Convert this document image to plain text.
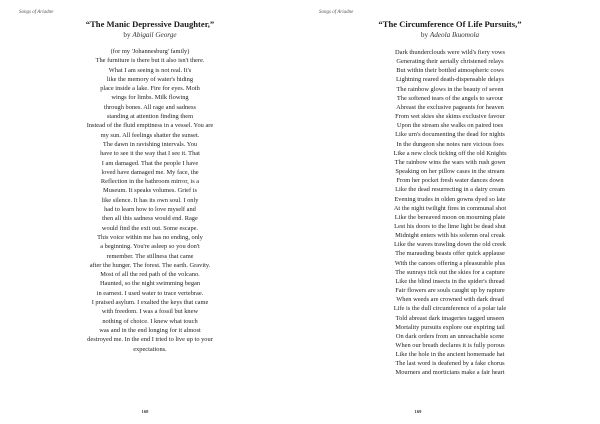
Songs of Ariadne
“The Manic Depressive Daughter,”
by Abigail George
(for my 'Johannesburg' family)
The furniture is there but it also isn't there.
What I am seeing is not real. It's
like the memory of water's hiding
place inside a lake. Fire for eyes. Moth
wings for limbs. Milk flowing
through bones. All rage and sadness
standing at attention finding them
Instead of the fluid emptiness in a vessel. You are
my sun. All feelings shatter the sunset.
The dawn in ravishing intervals. You
have to see it the way that I see it. That
I am damaged. That the people I have
loved have damaged me. My face, the
Reflection in the bathroom mirror, is a
Museum. It speaks volumes. Grief is
like silence. It has its own soul. I only
had to learn how to love myself and
then all this sadness would end. Rage
would find the exit out. Some escape.
This voice within me has no ending, only
a beginning. You're asleep so you don't
remember. The stillness that came
after the hunger. The forest. The earth. Gravity.
Most of all the red path of the volcano.
Haunted, so the night swimming began
in earnest. I used water to trace vertebrae.
I praised asylum. I exalted the keys that came
with freedom. I was a fossil but knew
nothing of choice. I knew what touch
was and in the end longing for it almost
destroyed me. In the end I tried to live up to your
expectations.
168
Songs of Ariadne
“The Circumference Of Life Pursuits,”
by Adeola Ikuomola
Dark thunderclouds were wild's fiery vows
Generating their aerially christened relays
But within their bottled atmospheric cows
Lightning reared death-dispensable delays
The rainbow glows in the beauty of seven
The softened tears of the angels to savour
Abreast the exclusive pageants for heaven
From wet skies she skims exclusive favour
Upon the stream she walks on paired toes
Like urn's documenting the dead for nights
In the dungeon she notes rare vicious foes
Like a new clock ticking off the old Knights
The rainbow wins the wars with rush gown
Speaking on her pillow cases in the stream
From her pocket fresh water dances down
Like the dead resurrecting in a dairy cream
Evening trudes in olden gowns dyed so late
At the night twilight fires in communal shot
Like the bereaved moon on mourning plate
Lest his doors to the lime light be dead shut
Midnight enters with his solemn oral creak
Like the waves trawling down the old creek
The marauding beasts offer quick applause
With the canoes offering a pleasurable plus
The sunrays tick out the skies for a capture
Like the blind insects in the spider's thread
Fair flowers are souls caught up by rapture
When weeds are crowned with dark dread
Life is the dull circumference of a polar tale
Told abreast dark imageries tagged unseen
Mortality pursuits explore our expiring tail
On dark orders from an unreachable scene
When our breath declares it is fully porous
Like the hole in the ancient homemade hat
The last word is deafened by a fake chorus
Mourners and morticians make a fair heart
169
